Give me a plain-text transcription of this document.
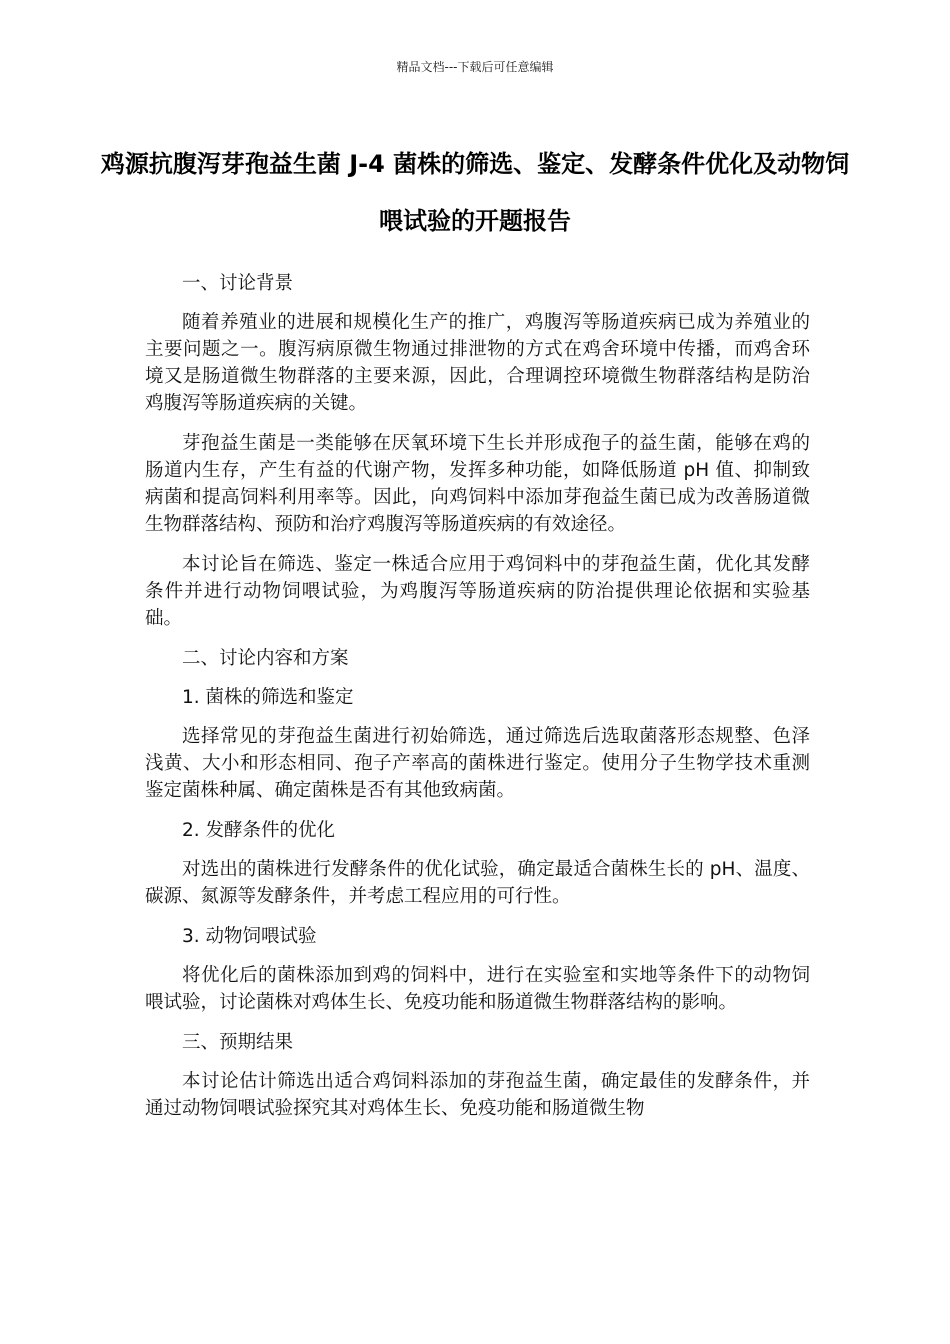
精品文档---下载后可任意编辑
鸡源抗腹泻芽孢益生菌 J-4 菌株的筛选、鉴定、发酵条件优化及动物饲喂试验的开题报告

一、讨论背景

随着养殖业的进展和规模化生产的推广，鸡腹泻等肠道疾病已成为养殖业的主要问题之一。腹泻病原微生物通过排泄物的方式在鸡舍环境中传播，而鸡舍环境又是肠道微生物群落的主要来源，因此，合理调控环境微生物群落结构是防治鸡腹泻等肠道疾病的关键。

芽孢益生菌是一类能够在厌氧环境下生长并形成孢子的益生菌，能够在鸡的肠道内生存，产生有益的代谢产物，发挥多种功能，如降低肠道 pH 值、抑制致病菌和提高饲料利用率等。因此，向鸡饲料中添加芽孢益生菌已成为改善肠道微生物群落结构、预防和治疗鸡腹泻等肠道疾病的有效途径。

本讨论旨在筛选、鉴定一株适合应用于鸡饲料中的芽孢益生菌，优化其发酵条件并进行动物饲喂试验，为鸡腹泻等肠道疾病的防治提供理论依据和实验基础。

二、讨论内容和方案

1. 菌株的筛选和鉴定

选择常见的芽孢益生菌进行初始筛选，通过筛选后选取菌落形态规整、色泽浅黄、大小和形态相同、孢子产率高的菌株进行鉴定。使用分子生物学技术重测鉴定菌株种属、确定菌株是否有其他致病菌。

2. 发酵条件的优化

对选出的菌株进行发酵条件的优化试验，确定最适合菌株生长的 pH、温度、碳源、氮源等发酵条件，并考虑工程应用的可行性。

3. 动物饲喂试验

将优化后的菌株添加到鸡的饲料中，进行在实验室和实地等条件下的动物饲喂试验，讨论菌株对鸡体生长、免疫功能和肠道微生物群落结构的影响。

三、预期结果

本讨论估计筛选出适合鸡饲料添加的芽孢益生菌，确定最佳的发酵条件，并通过动物饲喂试验探究其对鸡体生长、免疫功能和肠道微生物
